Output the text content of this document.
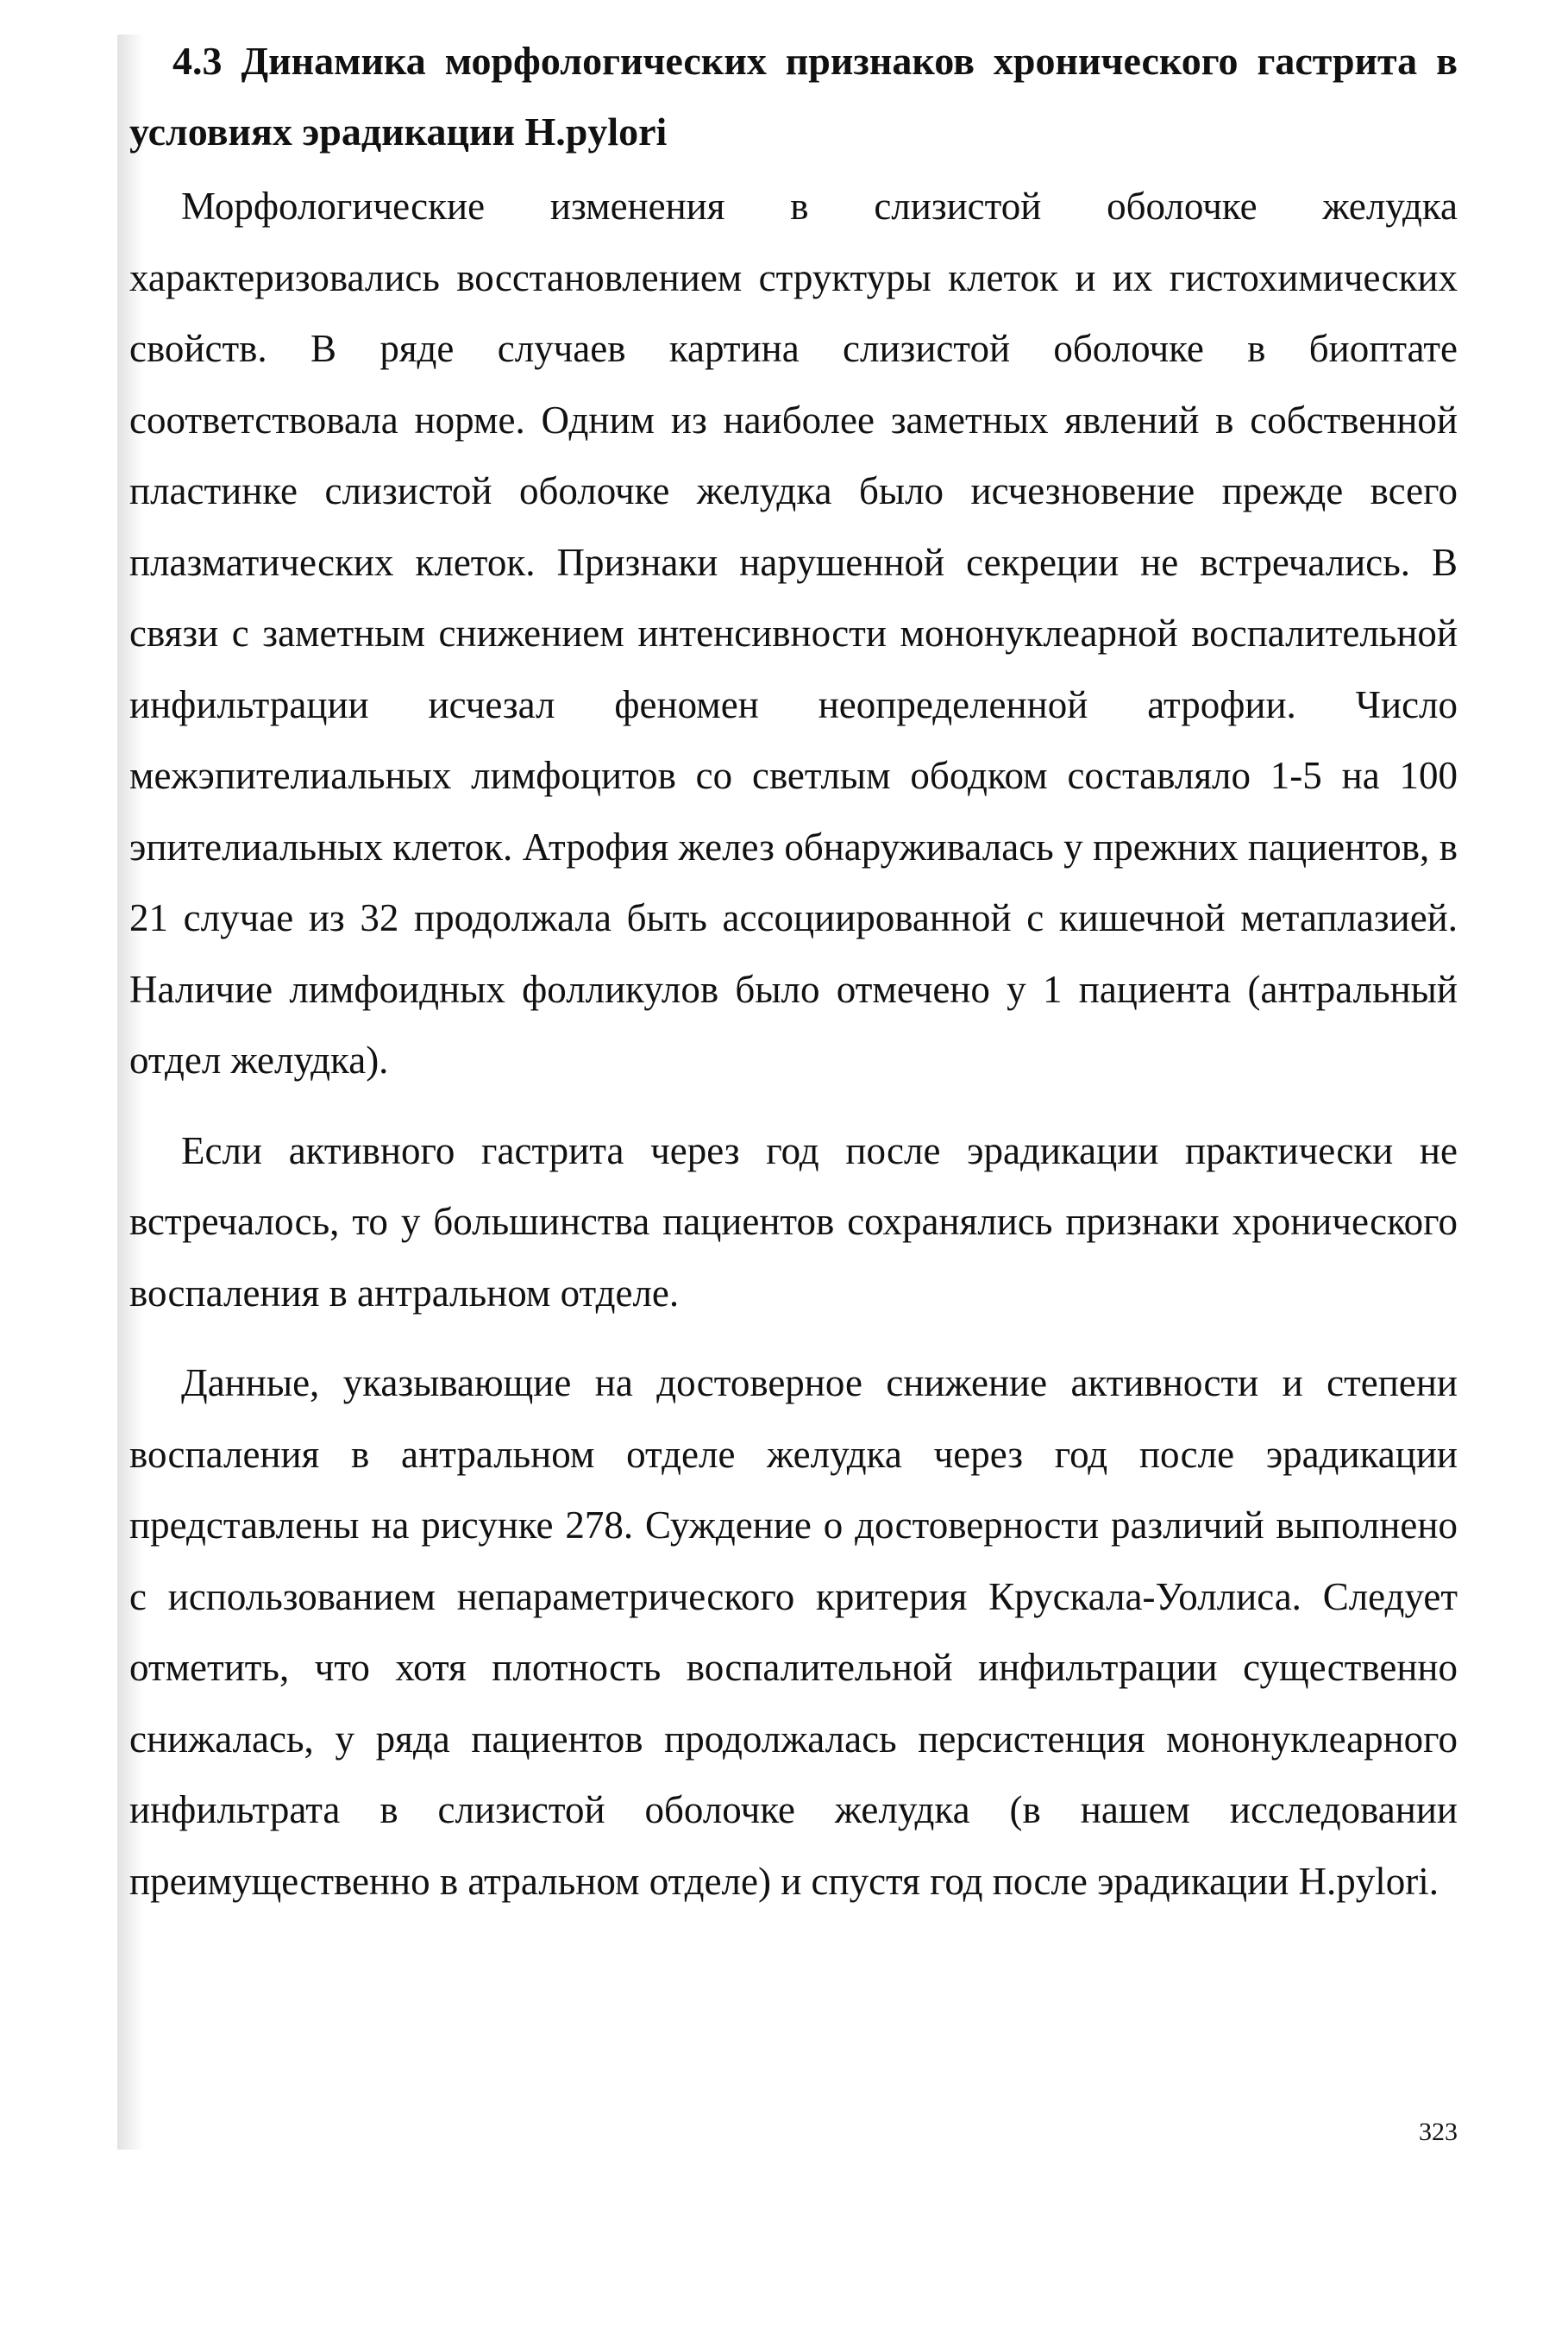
4.3 Динамика морфологических признаков хронического гастрита в условиях эрадикации H.pylori

Морфологические изменения в слизистой оболочке желудка характеризовались восстановлением структуры клеток и их гистохимических свойств. В ряде случаев картина слизистой оболочке в биоптате соответствовала норме. Одним из наиболее заметных явлений в собственной пластинке слизистой оболочке желудка было исчезновение прежде всего плазматических клеток. Признаки нарушенной секреции не встречались. В связи с заметным снижением интенсивности мононуклеарной воспалительной инфильтрации исчезал феномен неопределенной атрофии. Число межэпителиальных лимфоцитов со светлым ободком составляло 1-5 на 100 эпителиальных клеток. Атрофия желез обнаруживалась у прежних пациентов, в 21 случае из 32 продолжала быть ассоциированной с кишечной метаплазией. Наличие лимфоидных фолликулов было отмечено у 1 пациента (антральный отдел желудка).

Если активного гастрита через год после эрадикации практически не встречалось, то у большинства пациентов сохранялись признаки хронического воспаления в антральном отделе.

Данные, указывающие на достоверное снижение активности и степени воспаления в антральном отделе желудка через год после эрадикации представлены на рисунке 278. Суждение о достоверности различий выполнено с использованием непараметрического критерия Крускала-Уоллиса. Следует отметить, что хотя плотность воспалительной инфильтрации существенно снижалась, у ряда пациентов продолжалась персистенция мононуклеарного инфильтрата в слизистой оболочке желудка (в нашем исследовании преимущественно в атральном отделе) и спустя год после эрадикации H.pylori.

323
